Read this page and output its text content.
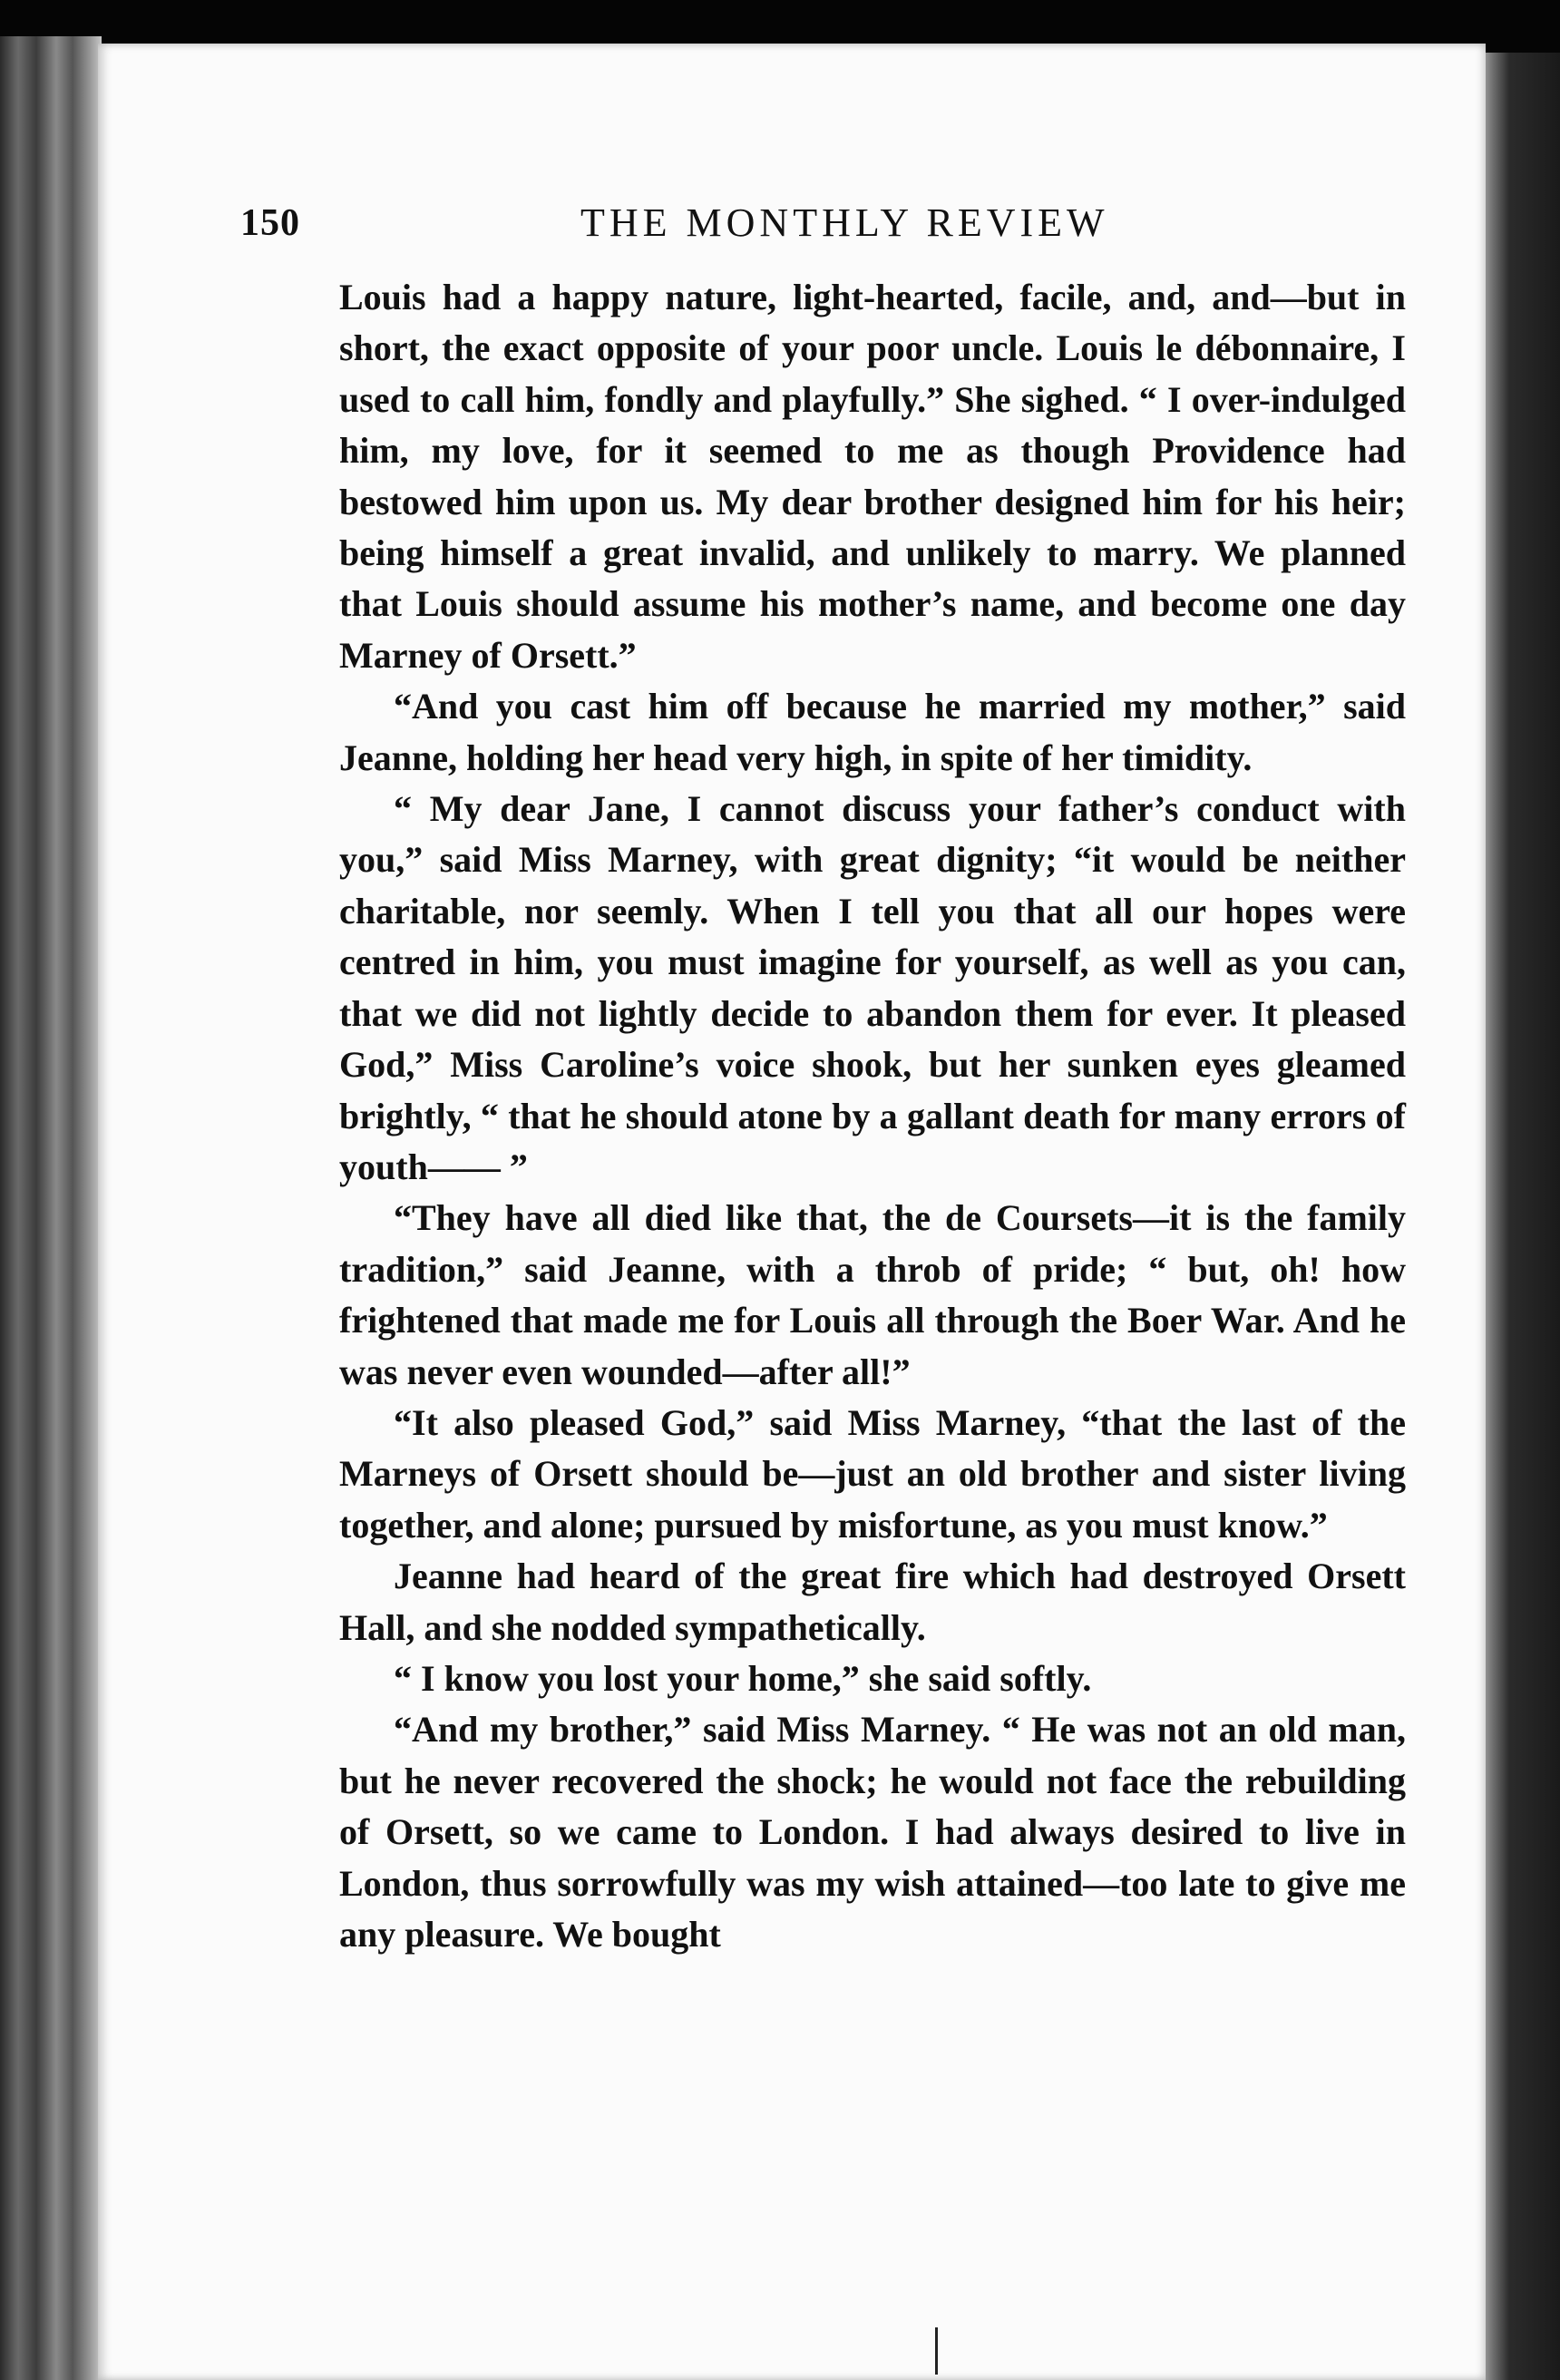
150	THE MONTHLY REVIEW

Louis had a happy nature, light-hearted, facile, and, and—but in short, the exact opposite of your poor uncle. Louis le débonnaire, I used to call him, fondly and playfully.” She sighed. “ I over-indulged him, my love, for it seemed to me as though Providence had bestowed him upon us. My dear brother designed him for his heir; being himself a great invalid, and unlikely to marry. We planned that Louis should assume his mother’s name, and become one day Marney of Orsett.”

“And you cast him off because he married my mother,” said Jeanne, holding her head very high, in spite of her timidity.

“ My dear Jane, I cannot discuss your father’s conduct with you,” said Miss Marney, with great dignity; “it would be neither charitable, nor seemly. When I tell you that all our hopes were centred in him, you must imagine for yourself, as well as you can, that we did not lightly decide to abandon them for ever. It pleased God,” Miss Caroline’s voice shook, but her sunken eyes gleamed brightly, “ that he should atone by a gallant death for many errors of youth—— ”

“They have all died like that, the de Coursets—it is the family tradition,” said Jeanne, with a throb of pride; “ but, oh! how frightened that made me for Louis all through the Boer War. And he was never even wounded—after all!”

“It also pleased God,” said Miss Marney, “that the last of the Marneys of Orsett should be—just an old brother and sister living together, and alone; pursued by misfortune, as you must know.”

Jeanne had heard of the great fire which had destroyed Orsett Hall, and she nodded sympathetically.

“ I know you lost your home,” she said softly.

“And my brother,” said Miss Marney. “ He was not an old man, but he never recovered the shock; he would not face the rebuilding of Orsett, so we came to London. I had always desired to live in London, thus sorrowfully was my wish attained—too late to give me any pleasure. We bought
